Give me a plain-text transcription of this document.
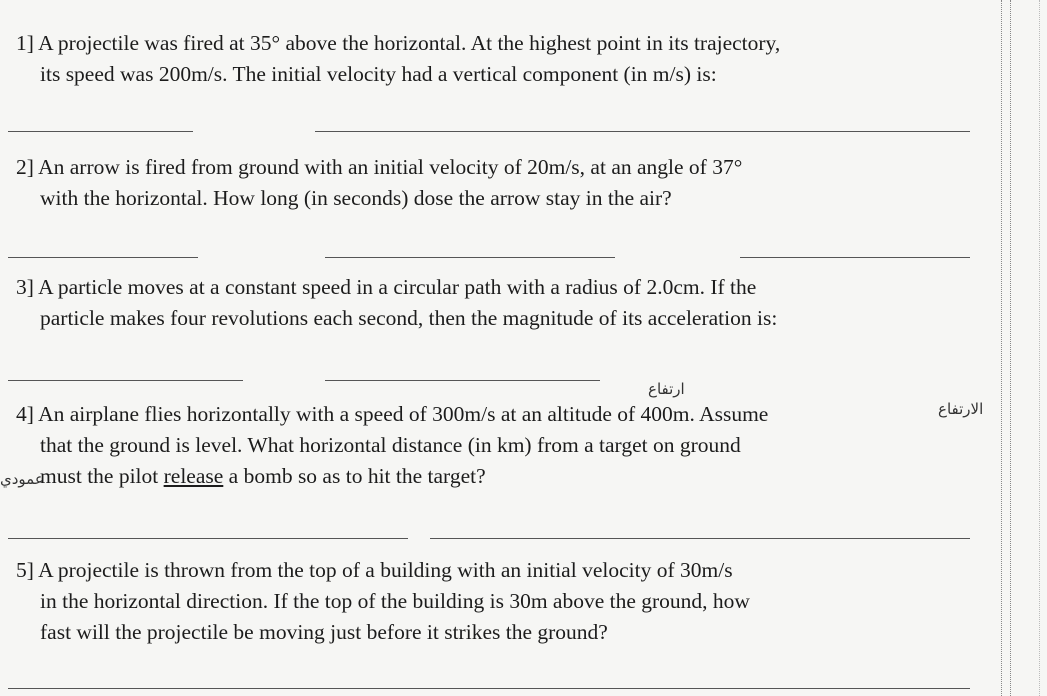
1] A projectile was fired at 35° above the horizontal. At the highest point in its trajectory,
its speed was 200m/s. The initial velocity had a vertical component (in m/s) is:
2] An arrow is fired from ground with an initial velocity of 20m/s, at an angle of 37°
with the horizontal. How long (in seconds) dose the arrow stay in the air?
3] A particle moves at a constant speed in a circular path with a radius of 2.0cm. If the
particle makes four revolutions each second, then the magnitude of its acceleration is:
ارتفاع
الارتفاع
عمودي
4] An airplane flies horizontally with a speed of 300m/s at an altitude of 400m. Assume
that the ground is level. What horizontal distance (in km) from a target on ground
must the pilot release a bomb so as to hit the target?
5] A projectile is thrown from the top of a building with an initial velocity of 30m/s
in the horizontal direction. If the top of the building is 30m above the ground, how
fast will the projectile be moving just before it strikes the ground?
